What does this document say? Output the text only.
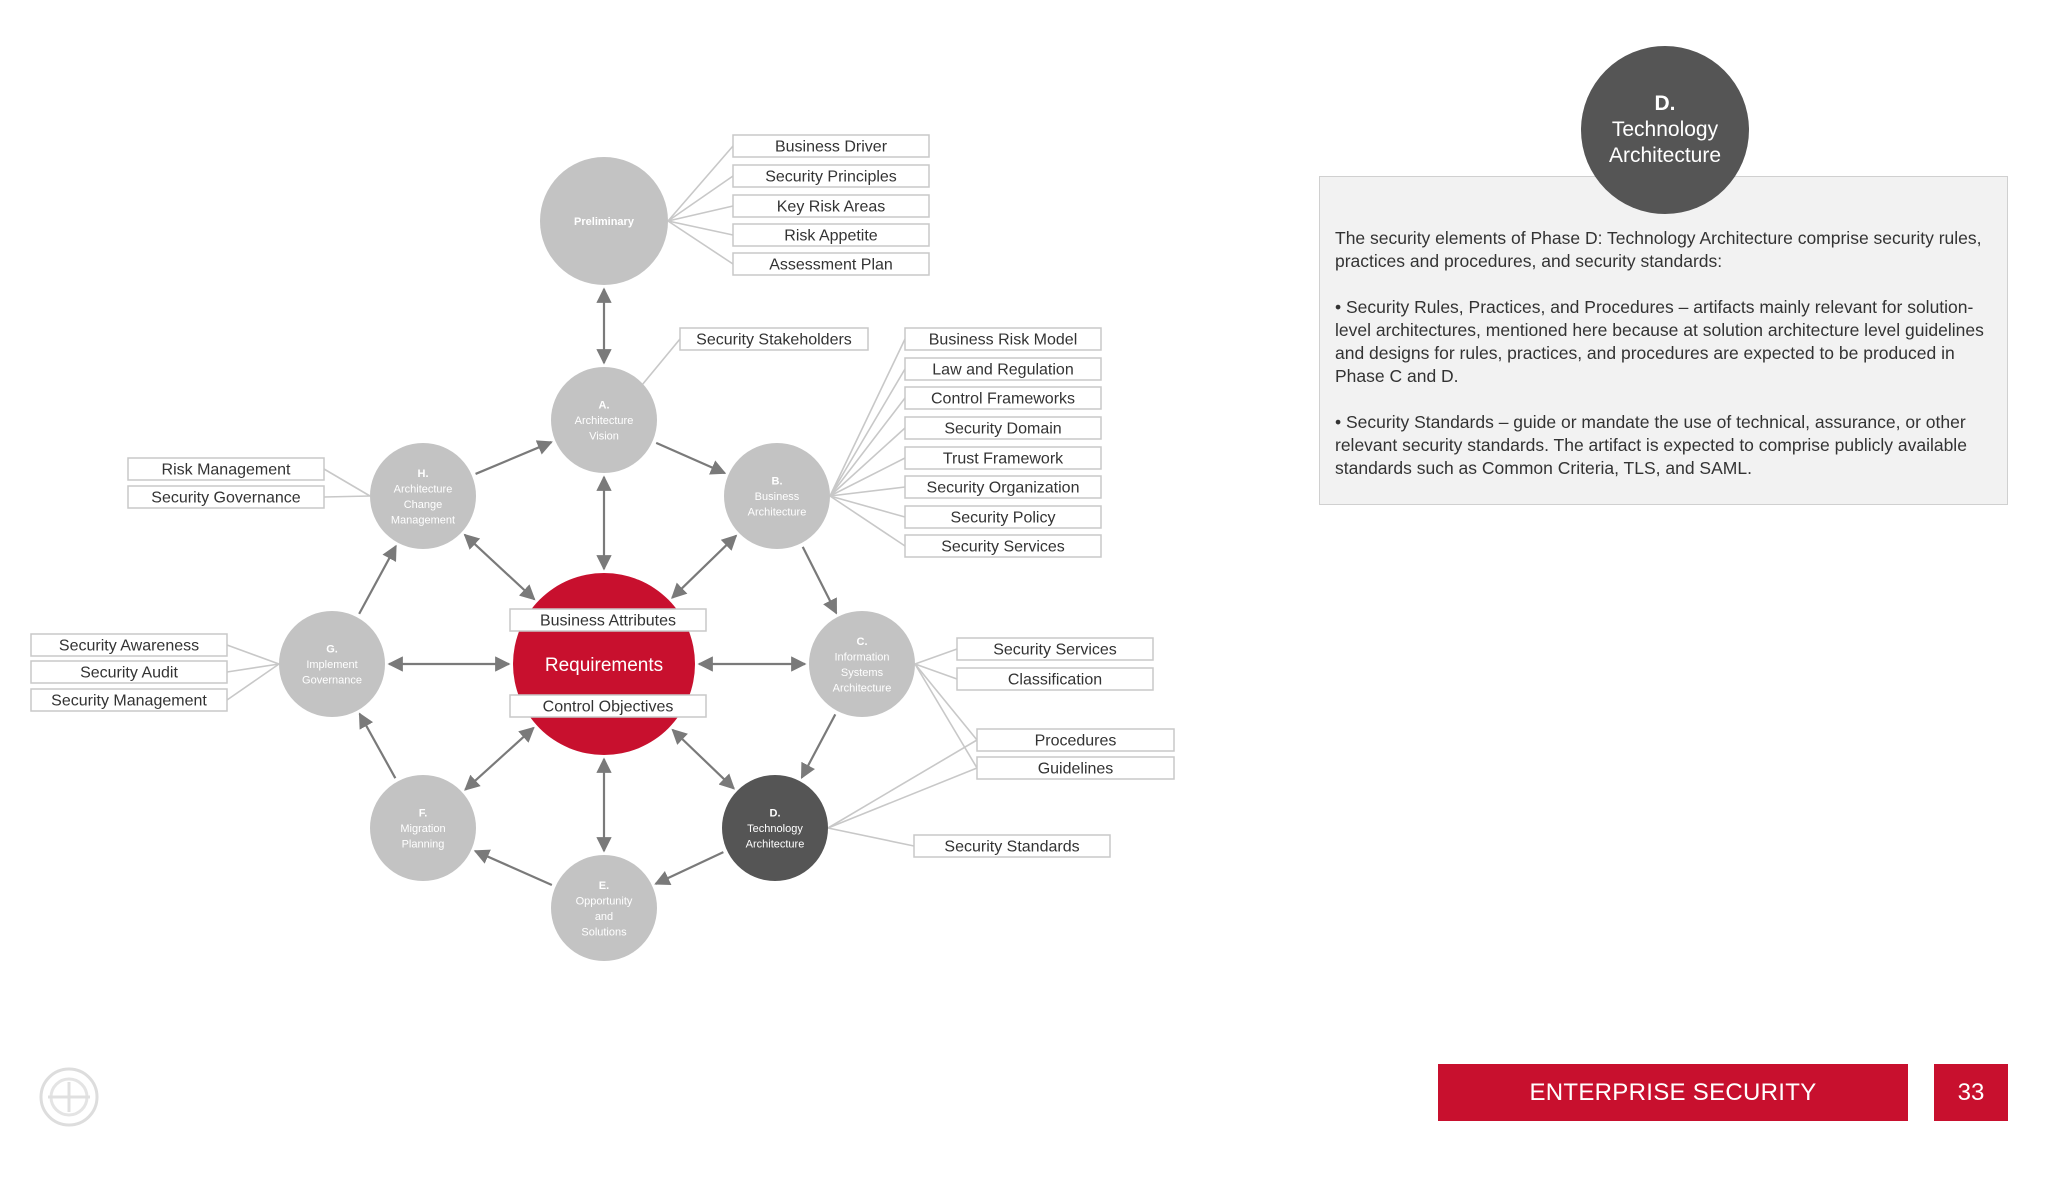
Preliminary
A.
Architecture
Vision
B.
Business
Architecture
C.
Information
Systems
Architecture
E.
Opportunity
and
Solutions
F.
Migration
Planning
G.
Implement
Governance
H.
Architecture
Change
Management
D.
Technology
Architecture
Requirements
Business Attributes
Control Objectives
Business Driver
Security Principles
Key Risk Areas
Risk Appetite
Assessment Plan
Security Stakeholders	Business Risk Model
Law and Regulation
Control Frameworks
Security Domain
Trust Framework
Security Organization
Security Policy
Security Services
Risk Management
Security Governance
Security Awareness
Security Audit
Security Management
Security Services
Classification
Procedures
Guidelines
Security Standards
D.
Technology
Architecture

The security elements of Phase D: Technology Architecture comprise security rules, practices and procedures, and security standards:

• Security Rules, Practices, and Procedures – artifacts mainly relevant for solution-level architectures, mentioned here because at solution architecture level guidelines and designs for rules, practices, and procedures are expected to be produced in Phase C and D.

• Security Standards – guide or mandate the use of technical, assurance, or other relevant security standards. The artifact is expected to comprise publicly available standards such as Common Criteria, TLS, and SAML.

ENTERPRISE SECURITY ARCHITECTURE
33
